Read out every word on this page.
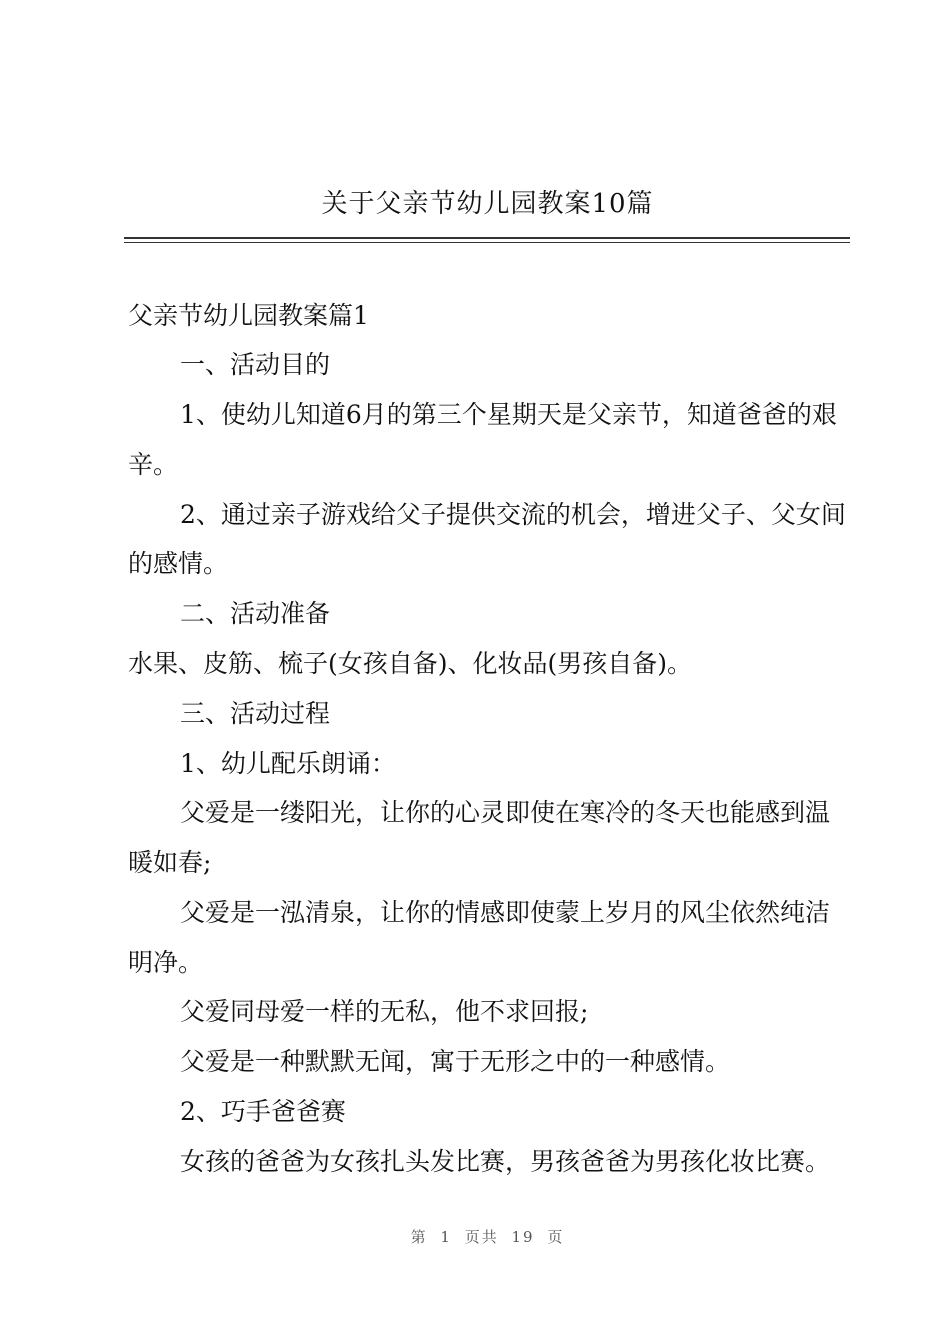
关于父亲节幼儿园教案10篇
父亲节幼儿园教案篇1
一、活动目的
1、使幼儿知道6月的第三个星期天是父亲节，知道爸爸的艰
辛。
2、通过亲子游戏给父子提供交流的机会，增进父子、父女间
的感情。
二、活动准备
水果、皮筋、梳子(女孩自备)、化妆品(男孩自备)。
三、活动过程
1、幼儿配乐朗诵：
父爱是一缕阳光，让你的心灵即使在寒冷的冬天也能感到温
暖如春;
父爱是一泓清泉，让你的情感即使蒙上岁月的风尘依然纯洁
明净。
父爱同母爱一样的无私，他不求回报;
父爱是一种默默无闻，寓于无形之中的一种感情。
2、巧手爸爸赛
女孩的爸爸为女孩扎头发比赛，男孩爸爸为男孩化妆比赛。
第 1 页共 19 页
